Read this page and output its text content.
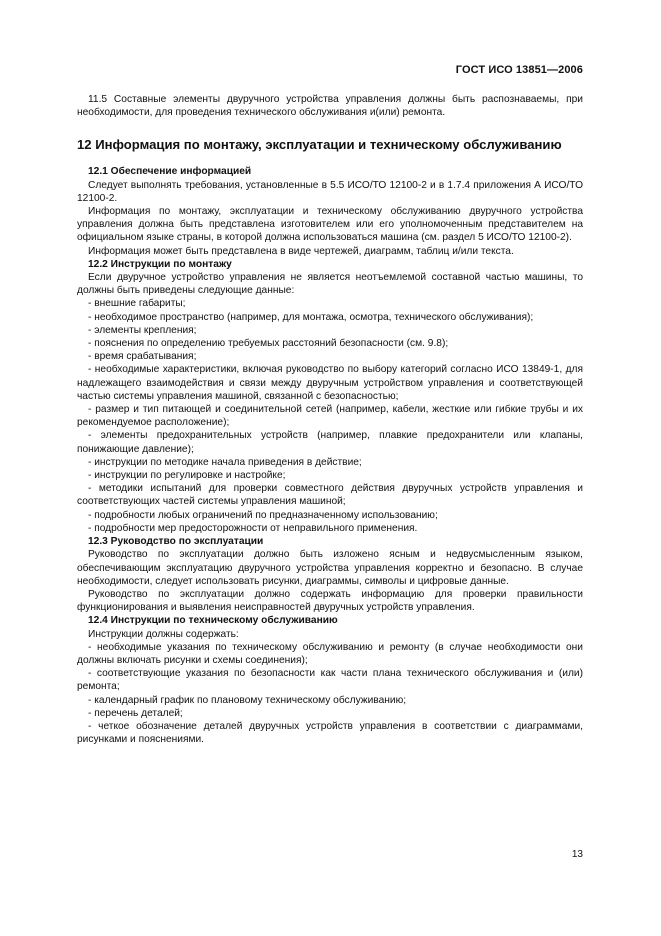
ГОСТ ИСО 13851—2006

11.5 Составные элементы двуручного устройства управления должны быть распознаваемы, при необходимости, для проведения технического обслуживания и(или) ремонта.

12 Информация по монтажу, эксплуатации и техническому обслуживанию

12.1 Обеспечение информацией

Следует выполнять требования, установленные в 5.5 ИСО/ТО 12100-2 и в 1.7.4 приложения А ИСО/ТО 12100-2.

Информация по монтажу, эксплуатации и техническому обслуживанию двуручного устройства управления должна быть представлена изготовителем или его уполномоченным представителем на официальном языке страны, в которой должна использоваться машина (см. раздел 5 ИСО/ТО 12100-2).

Информация может быть представлена в виде чертежей, диаграмм, таблиц и/или текста.

12.2 Инструкции по монтажу

Если двуручное устройство управления не является неотъемлемой составной частью машины, то должны быть приведены следующие данные:

- внешние габариты;

- необходимое пространство (например, для монтажа, осмотра, технического обслуживания);

- элементы крепления;

- пояснения по определению требуемых расстояний безопасности (см. 9.8);

- время срабатывания;

- необходимые характеристики, включая руководство по выбору категорий согласно ИСО 13849-1, для надлежащего взаимодействия и связи между двуручным устройством управления и соответствующей частью системы управления машиной, связанной с безопасностью;

- размер и тип питающей и соединительной сетей (например, кабели, жесткие или гибкие трубы и их рекомендуемое расположение);

- элементы предохранительных устройств (например, плавкие предохранители или клапаны, понижающие давление);

- инструкции по методике начала приведения в действие;

- инструкции по регулировке и настройке;

- методики испытаний для проверки совместного действия двуручных устройств управления и соответствующих частей системы управления машиной;

- подробности любых ограничений по предназначенному использованию;

- подробности мер предосторожности от неправильного применения.

12.3 Руководство по эксплуатации

Руководство по эксплуатации должно быть изложено ясным и недвусмысленным языком, обеспечивающим эксплуатацию двуручного устройства управления корректно и безопасно. В случае необходимости, следует использовать рисунки, диаграммы, символы и цифровые данные.

Руководство по эксплуатации должно содержать информацию для проверки правильности функционирования и выявления неисправностей двуручных устройств управления.

12.4 Инструкции по техническому обслуживанию

Инструкции должны содержать:

- необходимые указания по техническому обслуживанию и ремонту (в случае необходимости они должны включать рисунки и схемы соединения);

- соответствующие указания по безопасности как части плана технического обслуживания и (или) ремонта;

- календарный график по плановому техническому обслуживанию;

- перечень деталей;

- четкое обозначение деталей двуручных устройств управления в соответствии с диаграммами, рисунками и пояснениями.

13
